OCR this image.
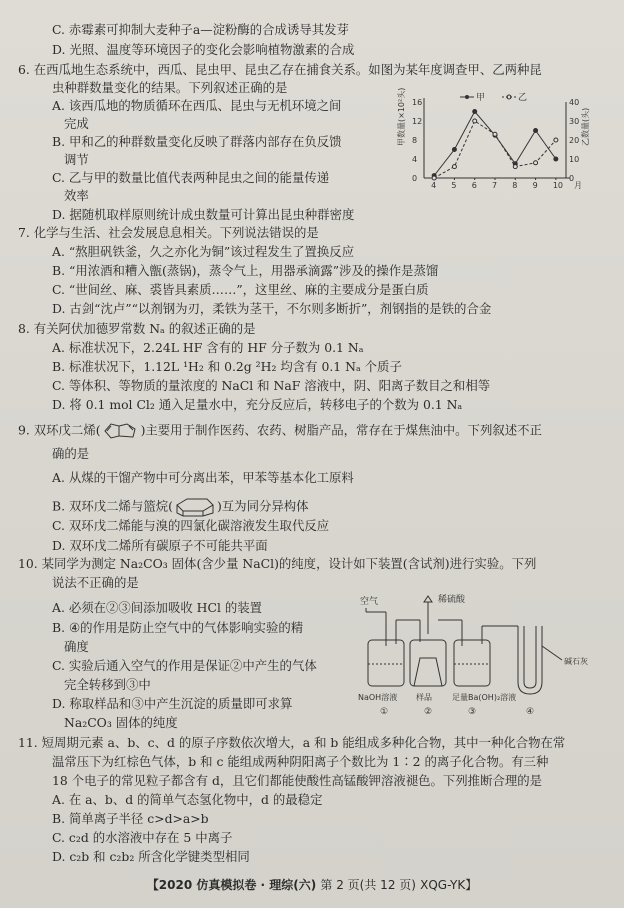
C. 赤霉素可抑制大麦种子a—淀粉酶的合成诱导其发芽
D. 光照、温度等环境因子的变化会影响植物激素的合成
6. 在西瓜地生态系统中，西瓜、昆虫甲、昆虫乙存在捕食关系。如图为某年度调查甲、乙两种昆
虫种群数量变化的结果。下列叙述正确的是
A. 该西瓜地的物质循环在西瓜、昆虫与无机环境之间
完成
B. 甲和乙的种群数量变化反映了群落内部存在负反馈
调节
C. 乙与甲的数量比值代表两种昆虫之间的能量传递
效率
D. 据随机取样原则统计成虫数量可计算出昆虫种群密度
甲	乙
甲数量(×10²头)	乙数量(头)
月
4 5 6 7 8 9 10
0
4
8
12
16
0
10
20
30
40
7. 化学与生活、社会发展息息相关。下列说法错误的是
A. “熬胆矾铁釜，久之亦化为铜”该过程发生了置换反应
B. “用浓酒和糟入甑(蒸锅)，蒸令气上，用器承滴露”涉及的操作是蒸馏
C. “世间丝、麻、裘皆具素质……”，这里丝、麻的主要成分是蛋白质
D. 古剑“沈卢”“以剂钢为刃，柔铁为茎干，不尔则多断折”，剂钢指的是铁的合金
8. 有关阿伏加德罗常数 Nₐ 的叙述正确的是
A. 标准状况下，2.24L HF 含有的 HF 分子数为 0.1 Nₐ
B. 标准状况下，1.12L ¹H₂ 和 0.2g ²H₂ 均含有 0.1 Nₐ 个质子
C. 等体积、等物质的量浓度的 NaCl 和 NaF 溶液中，阴、阳离子数目之和相等
D. 将 0.1 mol Cl₂ 通入足量水中，充分反应后，转移电子的个数为 0.1 Nₐ
9. 双环戊二烯(	)主要用于制作医药、农药、树脂产品，常存在于煤焦油中。下列叙述不正
确的是
A. 从煤的干馏产物中可分离出苯，甲苯等基本化工原料
B. 双环戊二烯与篮烷(	)互为同分异构体
C. 双环戊二烯能与溴的四氯化碳溶液发生取代反应
D. 双环戊二烯所有碳原子不可能共平面
10. 某同学为测定 Na₂CO₃ 固体(含少量 NaCl)的纯度，设计如下装置(含试剂)进行实验。下列
说法不正确的是
A. 必须在②③间添加吸收 HCl 的装置
B. ④的作用是防止空气中的气体影响实验的精
确度
C. 实验后通入空气的作用是保证②中产生的气体
完全转移到③中
D. 称取样品和③中产生沉淀的质量即可求算
Na₂CO₃ 固体的纯度
空气	稀硫酸
碱石灰
NaOH溶液 样品	足量Ba(OH)₂溶液
①	②	③	④
11. 短周期元素 a、b、c、d 的原子序数依次增大，a 和 b 能组成多种化合物，其中一种化合物在常
温常压下为红棕色气体，b 和 c 能组成两种阴阳离子个数比为 1∶2 的离子化合物。有三种
18 个电子的常见粒子都含有 d，且它们都能使酸性高锰酸钾溶液褪色。下列推断合理的是
A. 在 a、b、d 的简单气态氢化物中，d 的最稳定
B. 简单离子半径 c>d>a>b
C. c₂d 的水溶液中存在 5 中离子
D. c₂b 和 c₂b₂ 所含化学键类型相同
【2020 仿真模拟卷 · 理综(六) 第 2 页(共 12 页) XQG-YK】
